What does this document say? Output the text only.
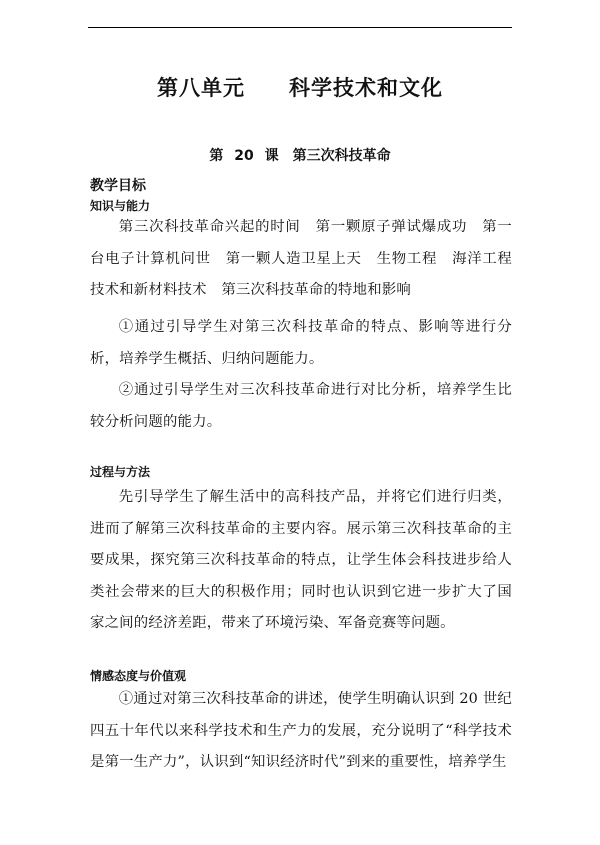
第八单元　　科学技术和文化
第 20 课　第三次科技革命
教学目标
知识与能力

第三次科技革命兴起的时间　第一颗原子弹试爆成功　第一台电子计算机问世　第一颗人造卫星上天　生物工程　海洋工程技术和新材料技术　第三次科技革命的特地和影响

①通过引导学生对第三次科技革命的特点、影响等进行分析，培养学生概括、归纳问题能力。

②通过引导学生对三次科技革命进行对比分析，培养学生比较分析问题的能力。

过程与方法

先引导学生了解生活中的高科技产品，并将它们进行归类，进而了解第三次科技革命的主要内容。展示第三次科技革命的主要成果，探究第三次科技革命的特点，让学生体会科技进步给人类社会带来的巨大的积极作用；同时也认识到它进一步扩大了国家之间的经济差距，带来了环境污染、军备竞赛等问题。

情感态度与价值观

①通过对第三次科技革命的讲述，使学生明确认识到 20 世纪四五十年代以来科学技术和生产力的发展，充分说明了“科学技术是第一生产力”，认识到“知识经济时代”到来的重要性，培养学生
